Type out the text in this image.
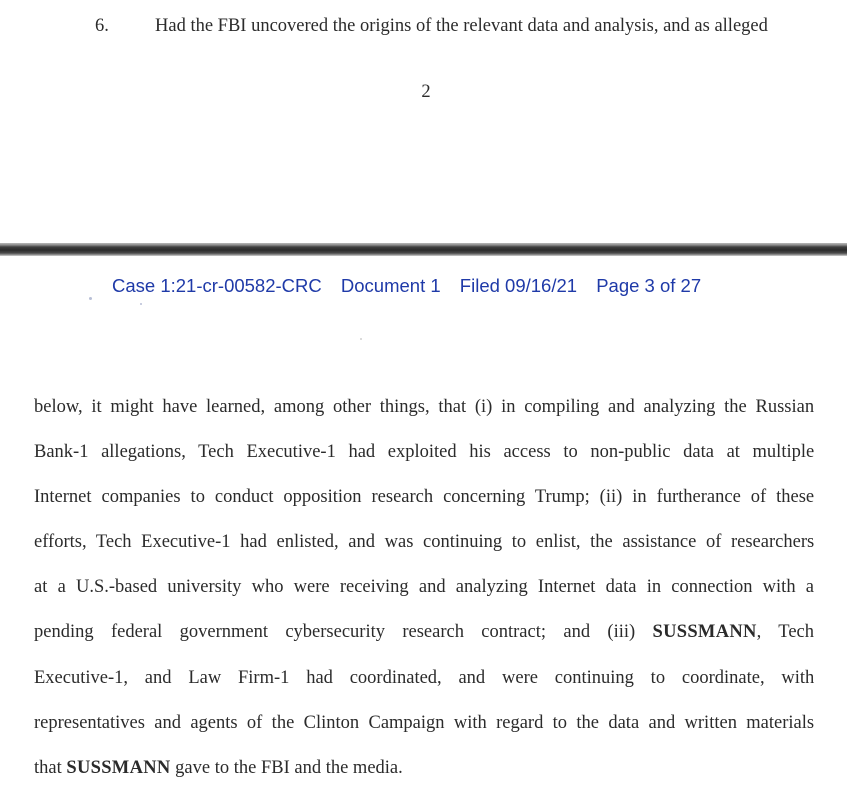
6. Had the FBI uncovered the origins of the relevant data and analysis, and as alleged
2
Case 1:21-cr-00582-CRC Document 1 Filed 09/16/21 Page 3 of 27
below, it might have learned, among other things, that (i) in compiling and analyzing the Russian
Bank-1 allegations, Tech Executive-1 had exploited his access to non-public data at multiple
Internet companies to conduct opposition research concerning Trump; (ii) in furtherance of these
efforts, Tech Executive-1 had enlisted, and was continuing to enlist, the assistance of researchers
at a U.S.-based university who were receiving and analyzing Internet data in connection with a
pending federal government cybersecurity research contract; and (iii) SUSSMANN, Tech
Executive-1, and Law Firm-1 had coordinated, and were continuing to coordinate, with
representatives and agents of the Clinton Campaign with regard to the data and written materials
that SUSSMANN gave to the FBI and the media.
